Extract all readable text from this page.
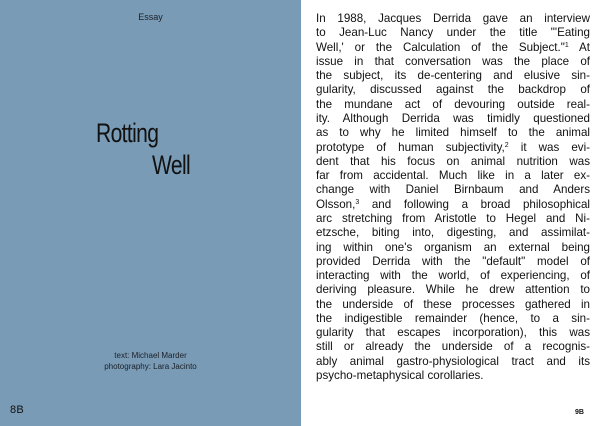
Essay
Rotting
Well
text: Michael Marder
photography: Lara Jacinto
8B
In 1988, Jacques Derrida gave an interview
to Jean-Luc Nancy under the title "'Eating
Well,' or the Calculation of the Subject."$^1$ At
issue in that conversation was the place of
the subject, its de-centering and elusive sin-
gularity, discussed against the backdrop of
the mundane act of devouring outside real-
ity. Although Derrida was timidly questioned
as to why he limited himself to the animal
prototype of human subjectivity,$^2$ it was evi-
dent that his focus on animal nutrition was
far from accidental. Much like in a later ex-
change with Daniel Birnbaum and Anders
Olsson,$^3$ and following a broad philosophical
arc stretching from Aristotle to Hegel and Ni-
etzsche, biting into, digesting, and assimilat-
ing within one's organism an external being
provided Derrida with the "default" model of
interacting with the world, of experiencing, of
deriving pleasure. While he drew attention to
the underside of these processes gathered in
the indigestible remainder (hence, to a sin-
gularity that escapes incorporation), this was
still or already the underside of a recognis-
ably animal gastro-physiological tract and its
psycho-metaphysical corollaries.
9B
